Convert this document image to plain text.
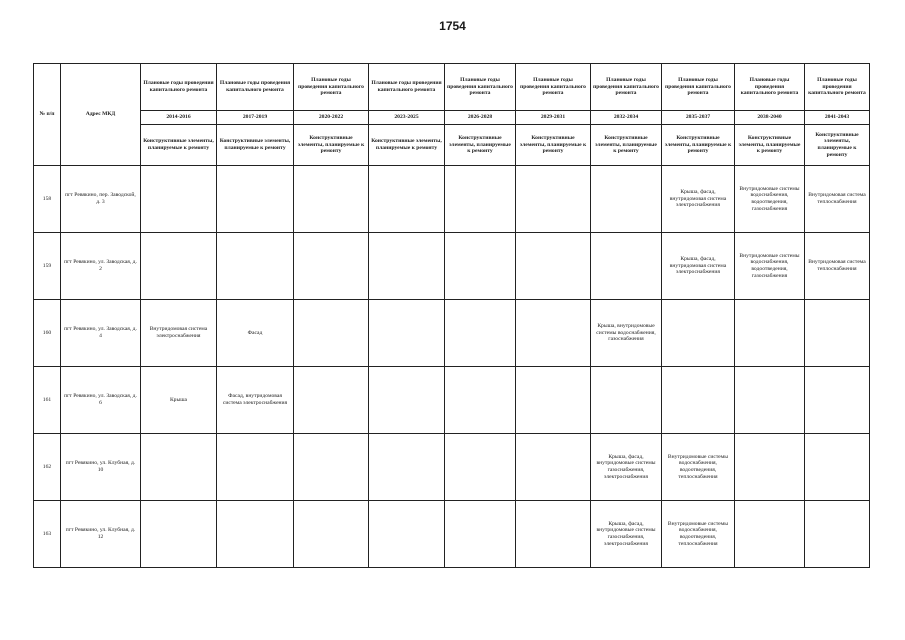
1754
№ п/п	Адрес МКД	Плановые годы проведения капитального ремонта	Плановые годы проведения капитального ремонта	Плановые годы проведения капитального ремонта	Плановые годы проведения капитального ремонта	Плановые годы проведения капитального ремонта	Плановые годы проведения капитального ремонта	Плановые годы проведения капитального ремонта	Плановые годы проведения капитального ремонта	Плановые годы проведения капитального ремонта	Плановые годы проведения капитального ремонта
		2014-2016	2017-2019	2020-2022	2023-2025	2026-2028	2029-2031	2032-2034	2035-2037	2038-2040	2041-2043
		Конструктивные элементы, планируемые к ремонту	Конструктивные элементы, планируемые к ремонту	Конструктивные элементы, планируемые к ремонту	Конструктивные элементы, планируемые к ремонту	Конструктивные элементы, планируемые к ремонту	Конструктивные элементы, планируемые к ремонту	Конструктивные элементы, планируемые к ремонту	Конструктивные элементы, планируемые к ремонту	Конструктивные элементы, планируемые к ремонту	Конструктивные элементы, планируемые к ремонту
158	пгт Ревякино, пер. Заводской, д. 3								Крыша, фасад, внутридомовая система электроснабжения	Внутридомовые системы водоснабжения, водоотведения, газоснабжения	Внутридомовая система теплоснабжения
159	пгт Ревякино, ул. Заводская, д. 2								Крыша, фасад, внутридомовая система электроснабжения	Внутридомовые системы водоснабжения, водоотведения, газоснабжения	Внутридомовая система теплоснабжения
160	пгт Ревякино, ул. Заводская, д. 4	Внутридомовая система электроснабжения	Фасад					Крыша, внутридомовые системы водоснабжения, газоснабжения			
161	пгт Ревякино, ул. Заводская, д. 6	Крыша	Фасад, внутридомовая система электроснабжения								
162	пгт Ревякино, ул. Клубная, д. 10							Крыша, фасад, внутридомовые системы газоснабжения, электроснабжения	Внутридомовые системы водоснабжения, водоотведения, теплоснабжения		
163	пгт Ревякино, ул. Клубная, д. 12							Крыша, фасад, внутридомовые системы газоснабжения, электроснабжения	Внутридомовые системы водоснабжения, водоотведения, теплоснабжения		
